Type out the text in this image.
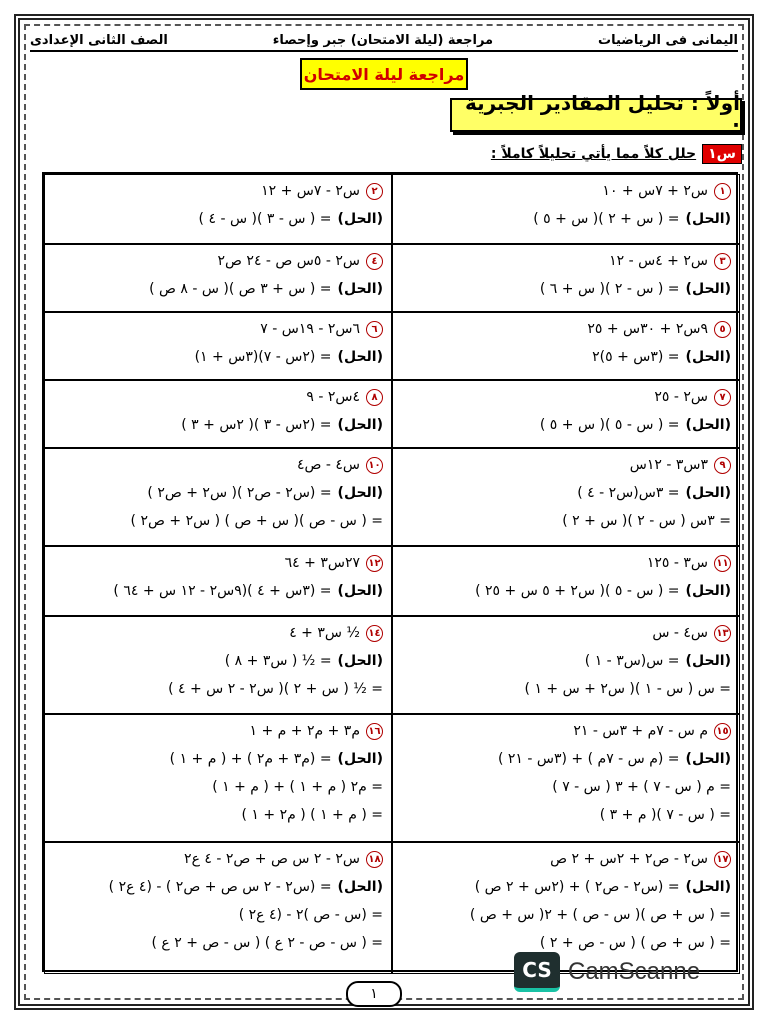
اليمانى فى الرياضيات
مراجعة (ليلة الامتحان) جبر وإحصاء
الصف الثانى الإعدادى
مراجعة ليلة الامتحان
أولاً : تحليل المقادير الجبرية :
س١
حلل كلاً مما يأتي تحليلاً كاملاً :
١
س٢ + ٧س + ١٠
(الحل)
= ( س + ٢ )( س + ٥ )
٢
س٢ - ٧س + ١٢
(الحل)
= ( س - ٣ )( س - ٤ )
٣
س٢ + ٤س - ١٢
(الحل)
= ( س - ٢ )( س + ٦ )
٤
س٢ - ٥س ص - ٢٤ ص٢
(الحل)
= ( س + ٣ ص )( س - ٨ ص )
٥
٩س٢ + ٣٠س + ٢٥
(الحل)
= (٣س + ٥)٢
٦
٦س٢ - ١٩س - ٧
(الحل)
= (٢س - ٧)(٣س + ١)
٧
س٢ - ٢٥
(الحل)
= ( س - ٥ )( س + ٥ )
٨
٤س٢ - ٩
(الحل)
= (٢س - ٣ )( ٢س + ٣ )
٩
٣س٣ - ١٢س
(الحل)
= ٣س(س٢ - ٤ )
= ٣س ( س - ٢ )( س + ٢ )
١٠
س٤ - ص٤
(الحل)
= (س٢ - ص٢ )( س٢ + ص٢ )
= ( س - ص )( س + ص ) ( س٢ + ص٢ )
١١
س٣ - ١٢٥
(الحل)
= ( س - ٥ )( س٢ + ٥ س + ٢٥ )
١٢
٢٧س٣ + ٦٤
(الحل)
= (٣س + ٤ )(٩س٢ - ١٢ س + ٦٤ )
١٣
س٤ - س
(الحل)
= س(س٣ - ١ )
= س ( س - ١ )( س٢ + س + ١ )
١٤
½ س٣ + ٤
(الحل)
= ½ ( س٣ + ٨ )
= ½ ( س + ٢ )( س٢ - ٢ س + ٤ )
١٥
م س - ٧م + ٣س - ٢١
(الحل)
= (م س - ٧م ) + (٣س - ٢١ )
= م ( س - ٧ ) + ٣ ( س - ٧ )
= ( س - ٧ )( م + ٣ )
١٦
م٣ + م٢ + م + ١
(الحل)
= (م٣ + م٢ ) + ( م + ١ )
= م٢ ( م + ١ ) + ( م + ١ )
= ( م + ١ ) ( م٢ + ١ )
١٧
س٢ - ص٢ + ٢س + ٢ ص
(الحل)
= (س٢ - ص٢ ) + (٢س + ٢ ص )
= ( س + ص )( س - ص ) + ٢( س + ص )
= ( س + ص ) ( س - ص + ٢ )
١٨
س٢ - ٢ س ص + ص٢ - ٤ ع٢
(الحل)
= (س٢ - ٢ س ص + ص٢ ) - (٤ ع٢ )
= (س - ص )٢ - (٤ ع٢ )
= ( س - ص - ٢ ع ) ( س - ص + ٢ ع )
١
CS CamScanne
